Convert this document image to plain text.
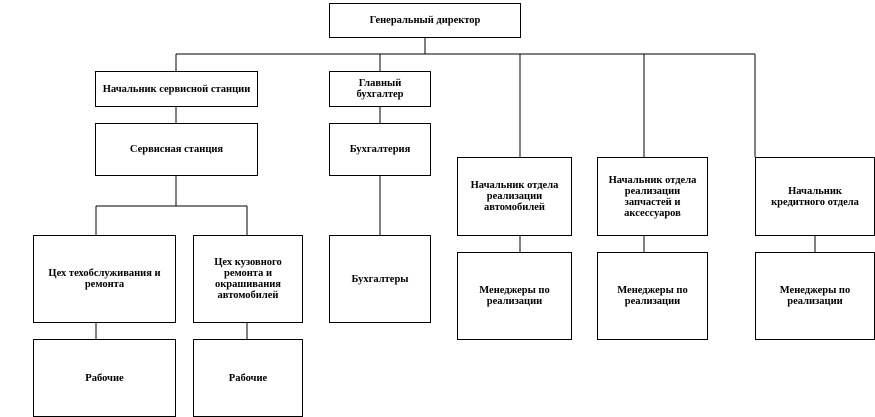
Генеральный директор
Начальник сервисной станции	Главный бухгалтер
Сервисная станция	Бухгалтерия
Начальник отдела реализации автомобилей
Начальник отдела реализации запчастей и аксессуаров
Начальник кредитного отдела
Цех техобслуживания и ремонта
Цех кузовного ремонта и окрашивания автомобилей
Бухгалтеры
Менеджеры по реализации
Менеджеры по реализации
Менеджеры по реализации
Рабочие	Рабочие
